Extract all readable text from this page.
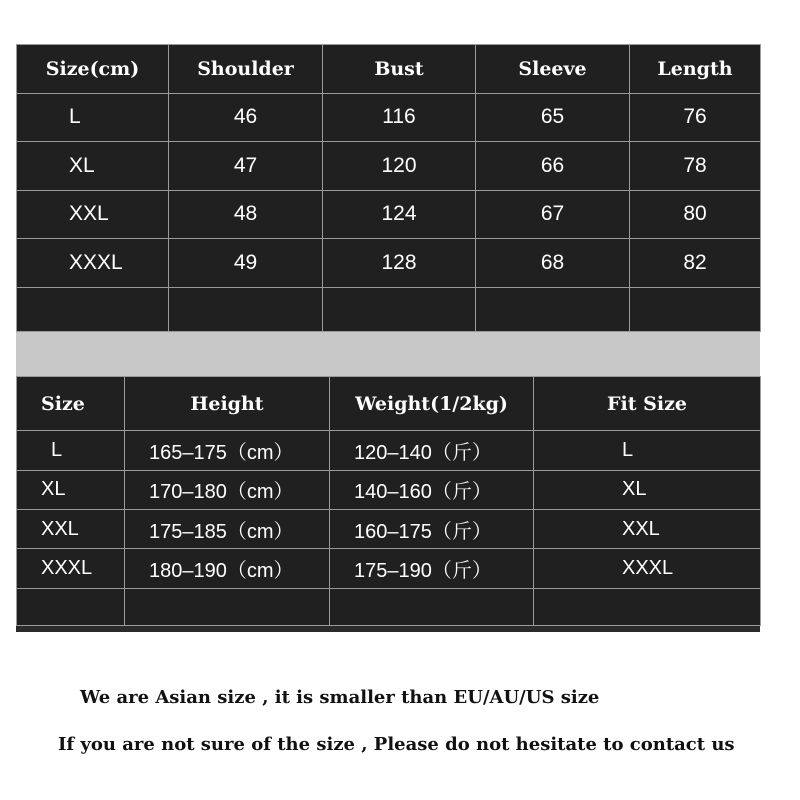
Size(cm)	Shoulder	Bust	Sleeve	Length
L	46	116	65	76
XL	47	120	66	78
XXL	48	124	67	80
XXXL	49	128	68	82

Size	Height	Weight(1/2kg)	Fit Size
L	165–175（cm）	120–140（斤）	L
XL	170–180（cm）	140–160（斤）	XL
XXL	175–185（cm）	160–175（斤）	XXL
XXXL	180–190（cm）	175–190（斤）	XXXL

We are Asian size , it is smaller than EU/AU/US size
If you are not sure of the size , Please do not hesitate to contact us
